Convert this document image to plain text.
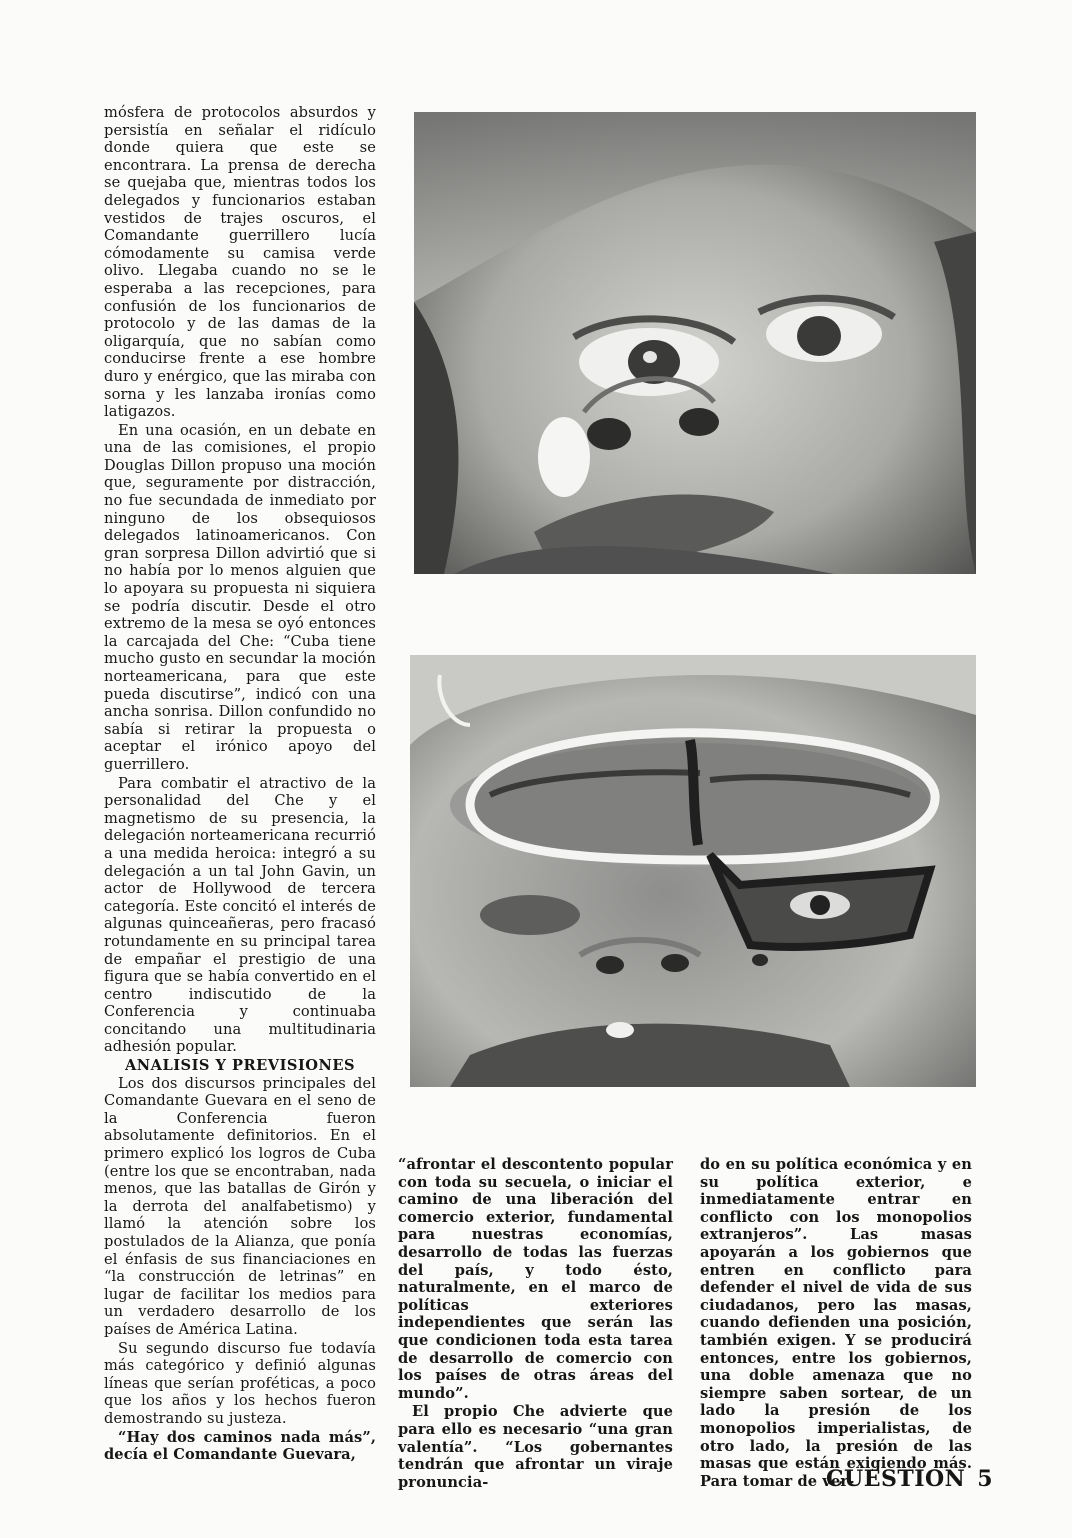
mósfera de protocolos absurdos y persistía en señalar el ridículo donde quiera que este se encontrara. La prensa de derecha se quejaba que, mientras todos los delegados y funcionarios estaban vestidos de trajes oscuros, el Comandante guerrillero lucía cómodamente su camisa verde olivo. Llegaba cuando no se le esperaba a las recepciones, para confusión de los funcionarios de protocolo y de las damas de la oligarquía, que no sabían como conducirse frente a ese hombre duro y enérgico, que las miraba con sorna y les lanzaba ironías como latigazos.

En una ocasión, en un debate en una de las comisiones, el propio Douglas Dillon propuso una moción que, seguramente por distracción, no fue secundada de inmediato por ninguno de los obsequiosos delegados latinoamericanos. Con gran sorpresa Dillon advirtió que si no había por lo menos alguien que lo apoyara su propuesta ni siquiera se podría discutir. Desde el otro extremo de la mesa se oyó entonces la carcajada del Che: “Cuba tiene mucho gusto en secundar la moción norteamericana, para que este pueda discutirse”, indicó con una ancha sonrisa. Dillon confundido no sabía si retirar la propuesta o aceptar el irónico apoyo del guerrillero.

Para combatir el atractivo de la personalidad del Che y el magnetismo de su presencia, la delegación norteamericana recurrió a una medida heroica: integró a su delegación a un tal John Gavin, un actor de Hollywood de tercera categoría. Este concitó el interés de algunas quinceañeras, pero fracasó rotundamente en su principal tarea de empañar el prestigio de una figura que se había convertido en el centro indiscutido de la Conferencia y continuaba concitando una multitudinaria adhesión popular.

ANALISIS Y PREVISIONES

Los dos discursos principales del Comandante Guevara en el seno de la Conferencia fueron absolutamente definitorios. En el primero explicó los logros de Cuba (entre los que se encontraban, nada menos, que las batallas de Girón y la derrota del analfabetismo) y llamó la atención sobre los postulados de la Alianza, que ponía el énfasis de sus financiaciones en “la construcción de letrinas” en lugar de facilitar los medios para un verdadero desarrollo de los países de América Latina.

Su segundo discurso fue todavía más categórico y definió algunas líneas que serían proféticas, a poco que los años y los hechos fueron demostrando su justeza.

“Hay dos caminos nada más”, decía el Comandante Guevara,

“afrontar el descontento popular con toda su secuela, o iniciar el camino de una liberación del comercio exterior, fundamental para nuestras economías, desarrollo de todas las fuerzas del país, y todo ésto, naturalmente, en el marco de políticas exteriores independientes que serán las que condicionen toda esta tarea de desarrollo de comercio con los países de otras áreas del mundo”.

El propio Che advierte que para ello es necesario “una gran valentía”. “Los gobernantes tendrán que afrontar un viraje pronuncia-

do en su política económica y en su política exterior, e inmediatamente entrar en conflicto con los monopolios extranjeros”. Las masas apoyarán a los gobiernos que entren en conflicto para defender el nivel de vida de sus ciudadanos, pero las masas, cuando defienden una posición, también exigen. Y se producirá entonces, entre los gobiernos, una doble amenaza que no siempre saben sortear, de un lado la presión de los monopolios imperialistas, de otro lado, la presión de las masas que están exigiendo más. Para tomar de ver-

CUESTION 5
